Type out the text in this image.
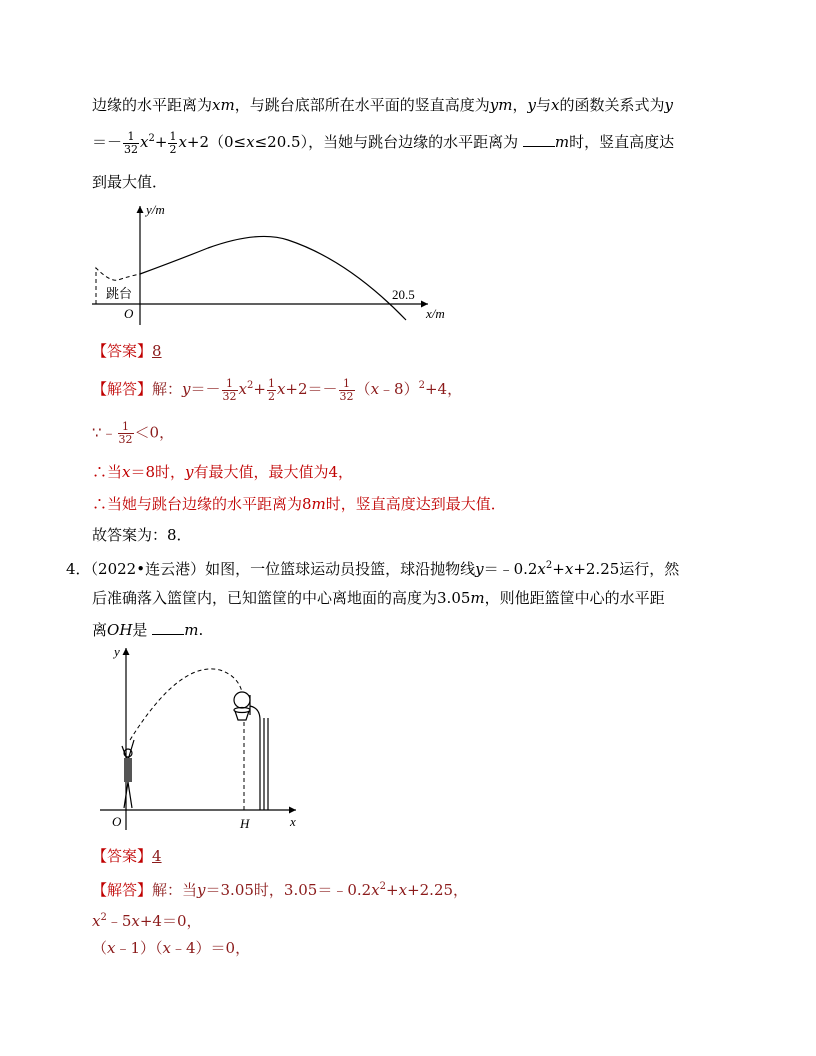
边缘的水平距离为xm，与跳台底部所在水平面的竖直高度为ym，y与x的函数关系式为y
＝－ $\frac{1}{32} x^2+ \frac{1}{2} x+2(0\le x\le 20.5)$，当她与跳台边缘的水平距离为 m时，竖直高度达
到最大值．
y/m
x/m
O
跳台	20.5
【答案】8
【解答】解：$y=- \frac{1}{32} x^2+ \frac{1}{2} x+2=- \frac{1}{32}$ （x﹣8）$^2$+4，
∵﹣ $\frac{1}{32} <0$，
∴当x＝8时，y有最大值，最大值为4，
∴当她与跳台边缘的水平距离为8m时，竖直高度达到最大值．
故答案为：8．
4．（2022•连云港）如图，一位篮球运动员投篮，球沿抛物线$y=﹣0.2x^2+x+2.25$运行，然
后准确落入篮筐内，已知篮筐的中心离地面的高度为3.05m，则他距篮筐中心的水平距
离OH是 m.
y
x
O	H
【答案】4
【解答】解：当y＝3.05时，$3.05=﹣0.2x^2+x+2.25$，
$x^2﹣5x+4=0$，
（x﹣1）（x﹣4）＝0，
